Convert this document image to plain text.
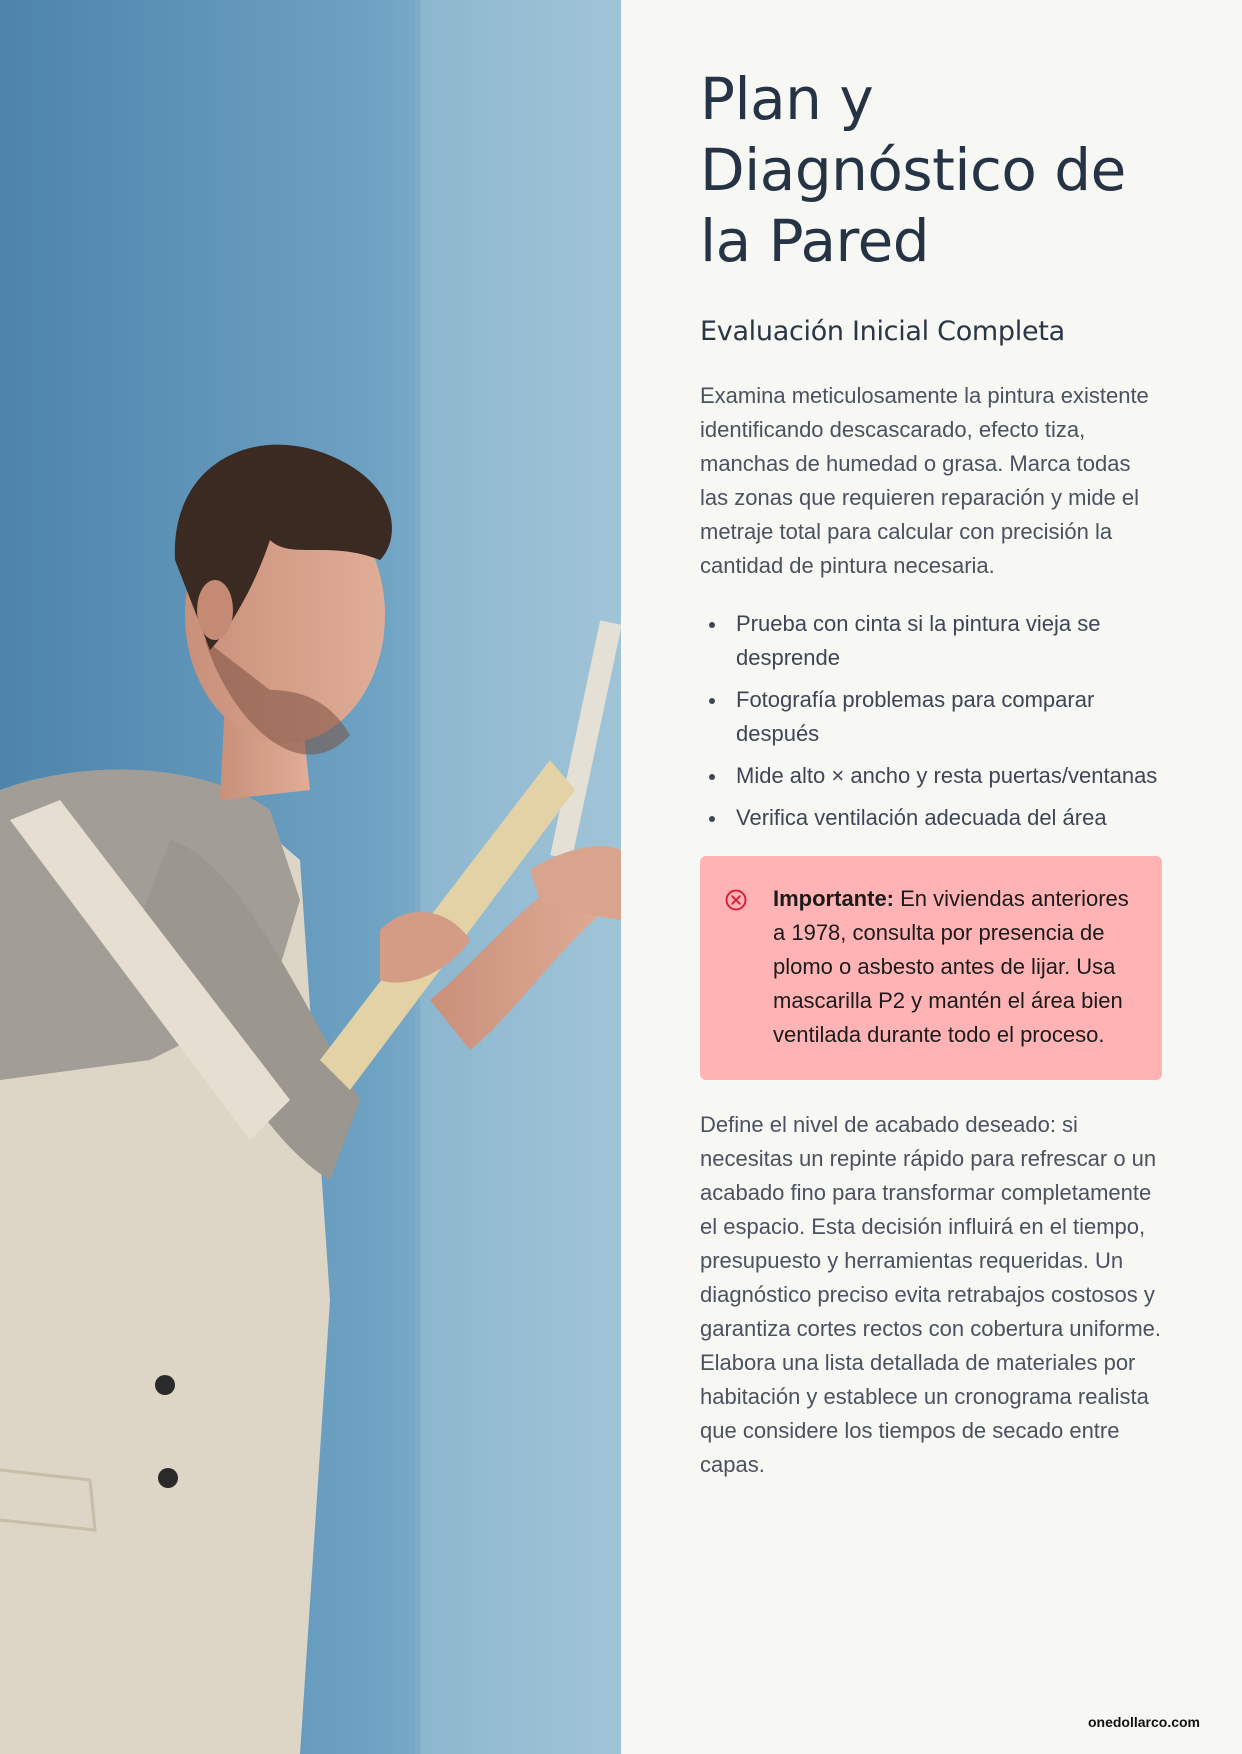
Plan y Diagnóstico de la Pared
Evaluación Inicial Completa

Examina meticulosamente la pintura existente identificando descascarado, efecto tiza, manchas de humedad o grasa. Marca todas las zonas que requieren reparación y mide el metraje total para calcular con precisión la cantidad de pintura necesaria.

Prueba con cinta si la pintura vieja se desprende
Fotografía problemas para comparar después
Mide alto × ancho y resta puertas/ventanas
Verifica ventilación adecuada del área
Importante: En viviendas anteriores a 1978, consulta por presencia de plomo o asbesto antes de lijar. Usa mascarilla P2 y mantén el área bien ventilada durante todo el proceso.

Define el nivel de acabado deseado: si necesitas un repinte rápido para refrescar o un acabado fino para transformar completamente el espacio. Esta decisión influirá en el tiempo, presupuesto y herramientas requeridas. Un diagnóstico preciso evita retrabajos costosos y garantiza cortes rectos con cobertura uniforme. Elabora una lista detallada de materiales por habitación y establece un cronograma realista que considere los tiempos de secado entre capas.

onedollarco.com
